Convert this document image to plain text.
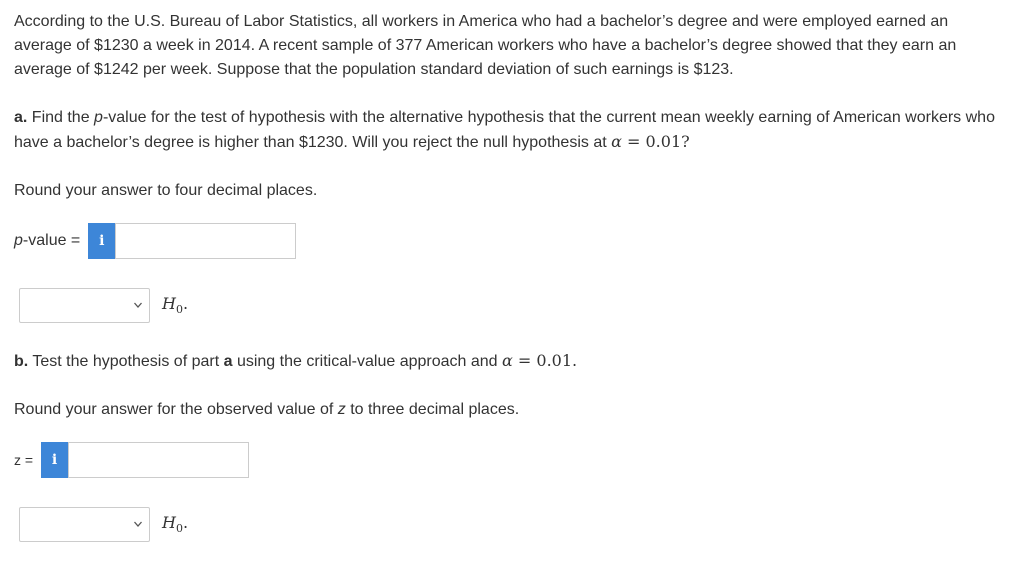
According to the U.S. Bureau of Labor Statistics, all workers in America who had a bachelor’s degree and were employed earned an average of $1230 a week in 2014. A recent sample of 377 American workers who have a bachelor’s degree showed that they earn an average of $1242 per week. Suppose that the population standard deviation of such earnings is $123.

a. Find the p-value for the test of hypothesis with the alternative hypothesis that the current mean weekly earning of American workers who have a bachelor’s degree is higher than $1230. Will you reject the null hypothesis at α = 0.01?

Round your answer to four decimal places.

p-value =	i
$H_0$.

b. Test the hypothesis of part a using the critical-value approach and α = 0.01.

Round your answer for the observed value of z to three decimal places.

z =	i
$H_0$.
